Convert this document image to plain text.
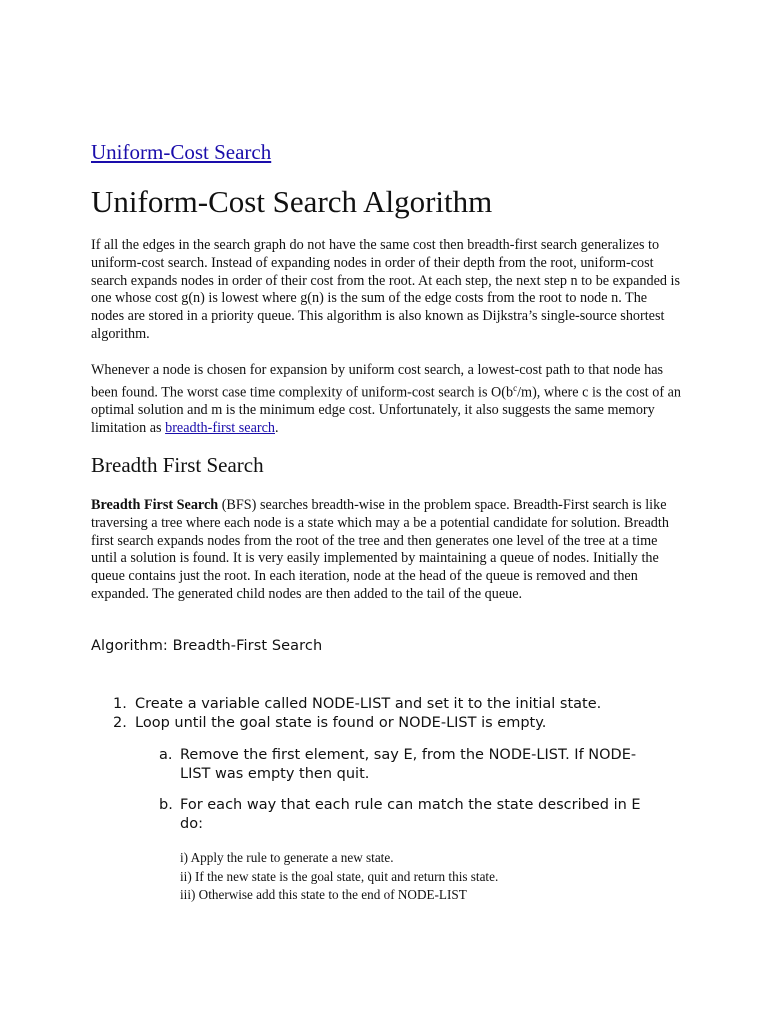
Uniform-Cost Search
Uniform-Cost Search Algorithm

If all the edges in the search graph do not have the same cost then breadth-first search generalizes to uniform-cost search. Instead of expanding nodes in order of their depth from the root, uniform-cost search expands nodes in order of their cost from the root. At each step, the next step n to be expanded is one whose cost g(n) is lowest where g(n) is the sum of the edge costs from the root to node n. The nodes are stored in a priority queue. This algorithm is also known as Dijkstra’s single-source shortest algorithm.

Whenever a node is chosen for expansion by uniform cost search, a lowest-cost path to that node has been found. The worst case time complexity of uniform-cost search is $O(b^c/m)$, where c is the cost of an optimal solution and m is the minimum edge cost. Unfortunately, it also suggests the same memory limitation as breadth-first search.

Breadth First Search

Breadth First Search (BFS) searches breadth-wise in the problem space. Breadth-First search is like traversing a tree where each node is a state which may a be a potential candidate for solution. Breadth first search expands nodes from the root of the tree and then generates one level of the tree at a time until a solution is found. It is very easily implemented by maintaining a queue of nodes. Initially the queue contains just the root. In each iteration, node at the head of the queue is removed and then expanded. The generated child nodes are then added to the tail of the queue.

Algorithm: Breadth-First Search
1. Create a variable called NODE-LIST and set it to the initial state.
2. Loop until the goal state is found or NODE-LIST is empty.
a. Remove the first element, say E, from the NODE-LIST. If NODE-LIST was empty then quit.
b. For each way that each rule can match the state described in E do:
i) Apply the rule to generate a new state.
ii) If the new state is the goal state, quit and return this state.
iii) Otherwise add this state to the end of NODE-LIST
